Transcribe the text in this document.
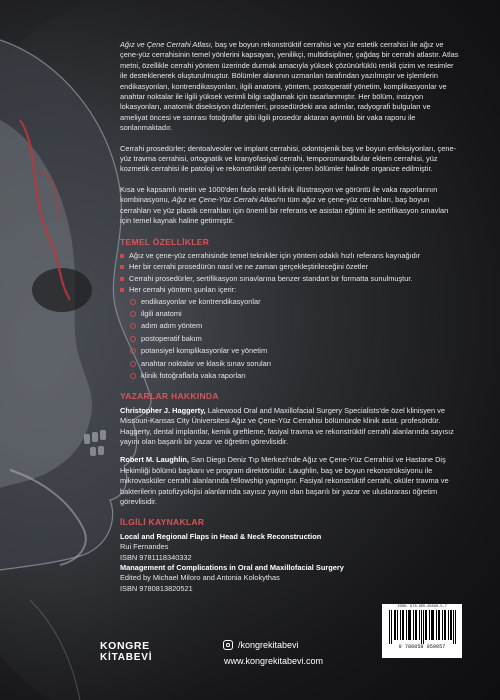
Ağız ve Çene Cerrahi Atlası, baş ve boyun rekonstrüktif cerrahisi ve yüz estetik cerrahisi ile ağız ve çene-yüz cerrahisinin temel yönlerini kapsayan, yenilikçi, multidisipliner, çağdaş bir cerrahi atlastır. Atlas metni, özellikle cerrahi yöntem üzerinde durmak amacıyla yüksek çözünürlüklü renkli çizim ve resimler ile desteklenerek oluşturulmuştur. Bölümler alanının uzmanları tarafından yazılmıştır ve işlemlerin endikasyonları, kontrendikasyonları, ilgili anatomi, yöntem, postoperatif yönetim, komplikasyonlar ve anahtar noktalar ile ilgili yüksek verimli bilgi sağlamak için tasarlanmıştır. Her bölüm, insizyon lokasyonları, anatomik diseksiyon düzlemleri, prosedürdeki ana adımlar, radyografi bulguları ve ameliyat öncesi ve sonrası fotoğraflar gibi ilgili prosedür aktaran ayrıntılı bir vaka raporu ile sonlanmaktadır.

Cerrahi prosedürler; dentoalveoler ve implant cerrahisi, odontojenik baş ve boyun enfeksiyonları, çene-yüz travma cerrahisi, ortognatik ve kranyofasiyal cerrahi, temporomandibular eklem cerrahisi, yüz kozmetik cerrahisi ile patoloji ve rekonstrüktif cerrahi içeren bölümler halinde organize edilmiştir.

Kısa ve kapsamlı metin ve 1000'den fazla renkli klinik illüstrasyon ve görüntü ile vaka raporlarının kombinasyonu, Ağız ve Çene-Yüz Cerrahi Atlası'nı tüm ağız ve çene-yüz cerrahları, baş boyun cerrahları ve yüz plastik cerrahları için önemli bir referans ve asistan eğitimi ile sertifikasyon sınavları için temel kaynak haline getirmiştir.

TEMEL ÖZELLİKLER
Ağız ve çene-yüz cerrahisinde temel teknikler için yöntem odaklı hızlı referans kaynağıdır
Her bir cerrahi prosedürün nasıl ve ne zaman gerçekleştirileceğini özetler
Cerrahi prosedürler, sertifikasyon sınavlarına benzer standart bir formatta sunulmuştur.
Her cerrahi yöntem şunları içerir:
endikasyonlar ve kontrendikasyonlar
ilgili anatomi
adım adım yöntem
postoperatif bakım
potansiyel komplikasyonlar ve yönetim
anahtar noktalar ve klasik sınav soruları
klinik fotoğraflarla vaka raporları
YAZARLAR HAKKINDA

Christopher J. Haggerty, Lakewood Oral and Maxillofacial Surgery Specialists'de özel klinisyen ve Missouri-Kansas City Üniversitesi Ağız ve Çene-Yüz Cerrahisi bölümünde klinik asist. profesördür. Haggerty, dental implantlar, kemik greftleme, fasiyal travma ve rekonstrüktif cerrahi alanlarında sayısız yayını olan başarılı bir yazar ve öğretim görevlisidir.

Robert M. Laughlin, San Diego Deniz Tıp Merkezi'nde Ağız ve Çene-Yüz Cerrahisi ve Hastane Diş Hekimliği bölümü başkanı ve program direktörüdür. Laughlin, baş ve boyun rekonstrüksiyonu ile mikrovasküler cerrahi alanlarında fellowship yapmıştır. Fasiyal rekonstrüktif cerrahi, oküler travma ve bakterilerin patofizyolojisi alanlarında sayısız yayını olan başarılı bir yazar ve uluslararası öğretim görevlisidir.

İLGİLİ KAYNAKLAR
Local and Regional Flaps in Head & Neck Reconstruction
Rui Fernandes
ISBN 9781118340332
Management of Complications in Oral and Maxillofacial Surgery
Edited by Michael Miloro and Antonia Kolokythas
ISBN 9780813820521
ISBN: 978-605-80590-5-7
9 786058 059057
KONGRE
KİTABEVİ
/kongrekitabevi
www.kongrekitabevi.com
